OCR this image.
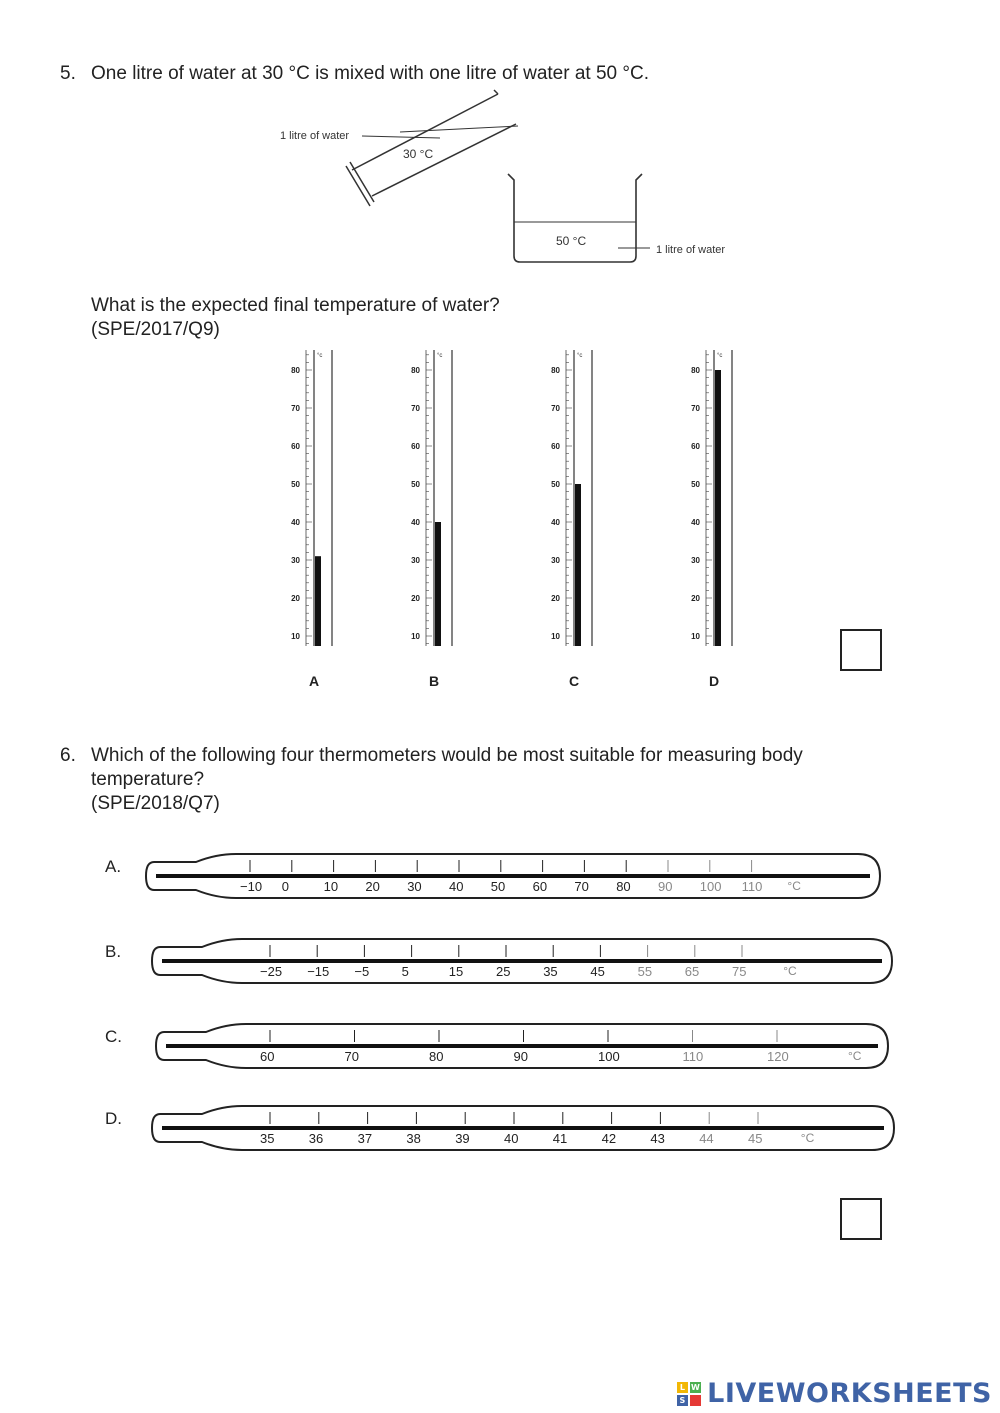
5. One litre of water at 30 °C is mixed with one litre of water at 50 °C.
1 litre of water
30 °C
50 °C
1 litre of water
What is the expected final temperature of water?
(SPE/2017/Q9)
80
70
60
50
40
30
20
10
°c
A
80
70
60
50
40
30
20
10
°c
B
80
70
60
50
40
30
20
10
°c
C
80
70
60
50
40
30
20
10
°c
D
6. Which of the following four thermometers would be most suitable for measuring body
temperature?
(SPE/2018/Q7)
A.
−10 0	10 20 30 40 50 60 70 80 90 100 110 °C
B.
−25 −15 −5 5	15	25	35	45	55	65	75	°C
C.
60	70	80	90	100	110	120	°C
D.
35	36	37	38	39	40	41	42	43	44	45	°C
L W
S LIVEWORKSHEETS
